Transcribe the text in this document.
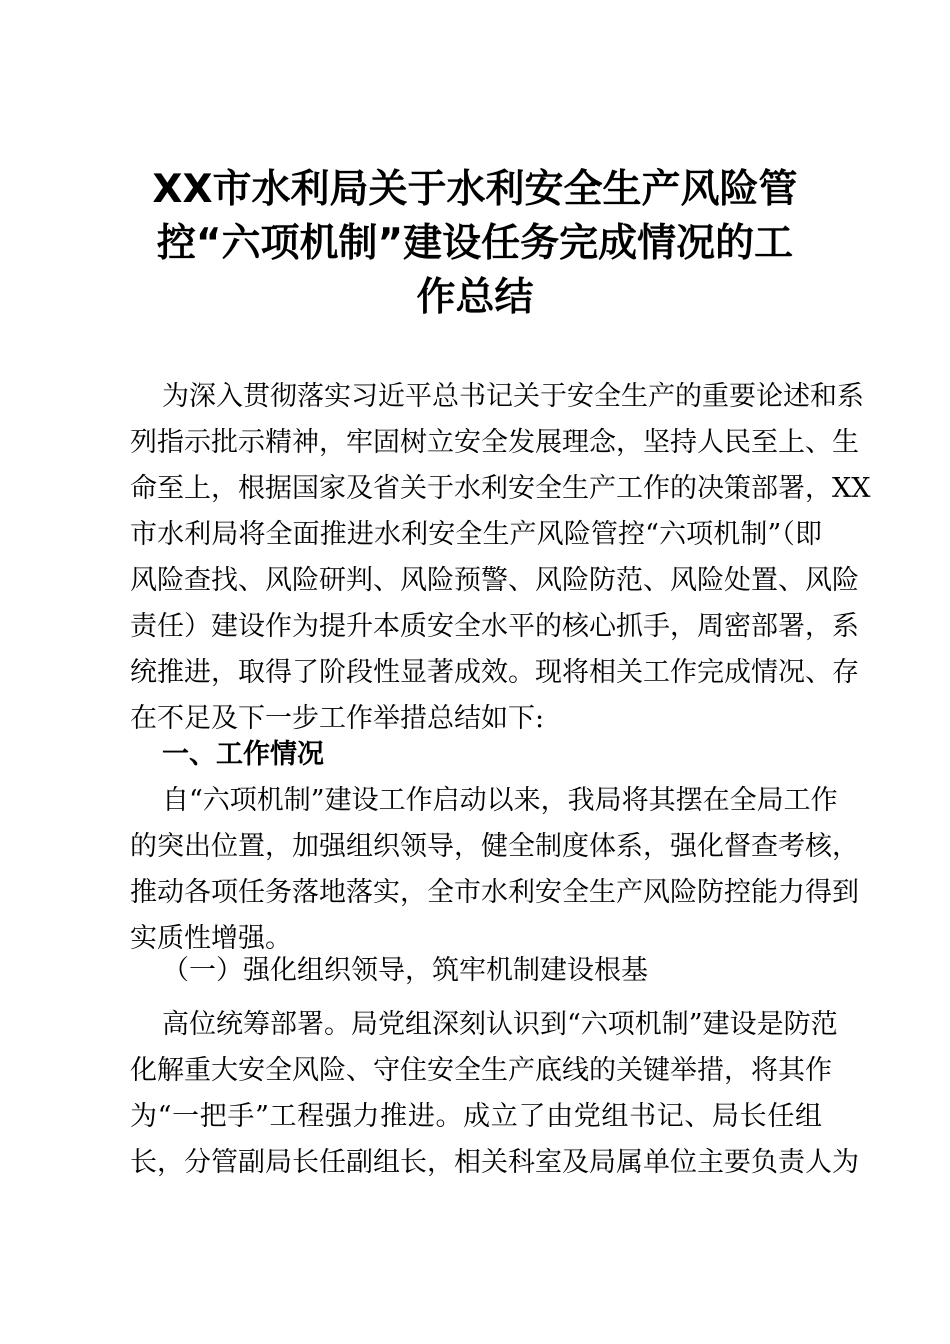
XX市水利局关于水利安全生产风险管
控“六项机制”建设任务完成情况的工
作总结
为深入贯彻落实习近平总书记关于安全生产的重要论述和系
列指示批示精神，牢固树立安全发展理念，坚持人民至上、生
命至上，根据国家及省关于水利安全生产工作的决策部署，XX
市水利局将全面推进水利安全生产风险管控“六项机制”（即
风险查找、风险研判、风险预警、风险防范、风险处置、风险
责任）建设作为提升本质安全水平的核心抓手，周密部署，系
统推进，取得了阶段性显著成效。现将相关工作完成情况、存
在不足及下一步工作举措总结如下:
一、工作情况
自“六项机制”建设工作启动以来，我局将其摆在全局工作
的突出位置，加强组织领导，健全制度体系，强化督查考核，
推动各项任务落地落实，全市水利安全生产风险防控能力得到
实质性增强。
（一）强化组织领导，筑牢机制建设根基
高位统筹部署。局党组深刻认识到“六项机制”建设是防范
化解重大安全风险、守住安全生产底线的关键举措，将其作
为“一把手”工程强力推进。成立了由党组书记、局长任组
长，分管副局长任副组长，相关科室及局属单位主要负责人为
